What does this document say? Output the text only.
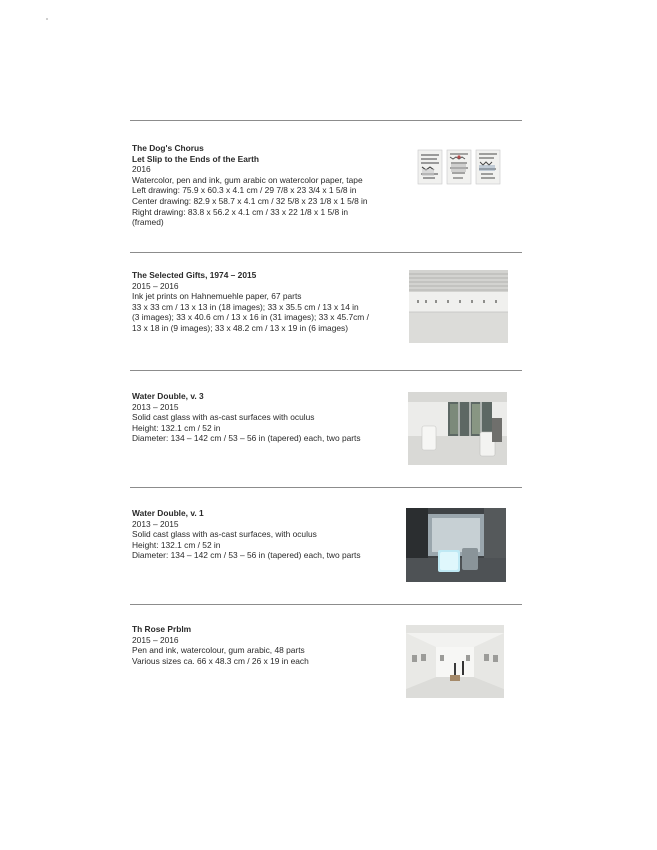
The Dog's Chorus
Let Slip to the Ends of the Earth
2016
Watercolor, pen and ink, gum arabic on watercolor paper, tape
Left drawing: 75.9 x 60.3 x 4.1 cm / 29 7/8 x 23 3/4 x 1 5/8 in
Center drawing: 82.9 x 58.7 x 4.1 cm / 32 5/8 x 23 1/8 x 1 5/8 in
Right drawing: 83.8 x 56.2 x 4.1 cm / 33 x 22 1/8 x 1 5/8 in
(framed)
The Selected Gifts, 1974 – 2015
2015 – 2016
Ink jet prints on Hahnemuehle paper, 67 parts
33 x 33 cm / 13 x 13 in (18 images); 33 x 35.5 cm / 13 x 14 in
(3 images); 33 x 40.6 cm / 13 x 16 in (31 images); 33 x 45.7cm /
13 x 18 in (9 images); 33 x 48.2 cm / 13 x 19 in (6 images)
Water Double, v. 3
2013 – 2015
Solid cast glass with as-cast surfaces with oculus
Height: 132.1 cm / 52 in
Diameter: 134 – 142 cm / 53 – 56 in (tapered) each, two parts
Water Double, v. 1
2013 – 2015
Solid cast glass with as-cast surfaces, with oculus
Height: 132.1 cm / 52 in
Diameter: 134 – 142 cm / 53 – 56 in (tapered) each, two parts
Th Rose Prblm
2015 – 2016
Pen and ink, watercolour, gum arabic, 48 parts
Various sizes ca. 66 x 48.3 cm / 26 x 19 in each
